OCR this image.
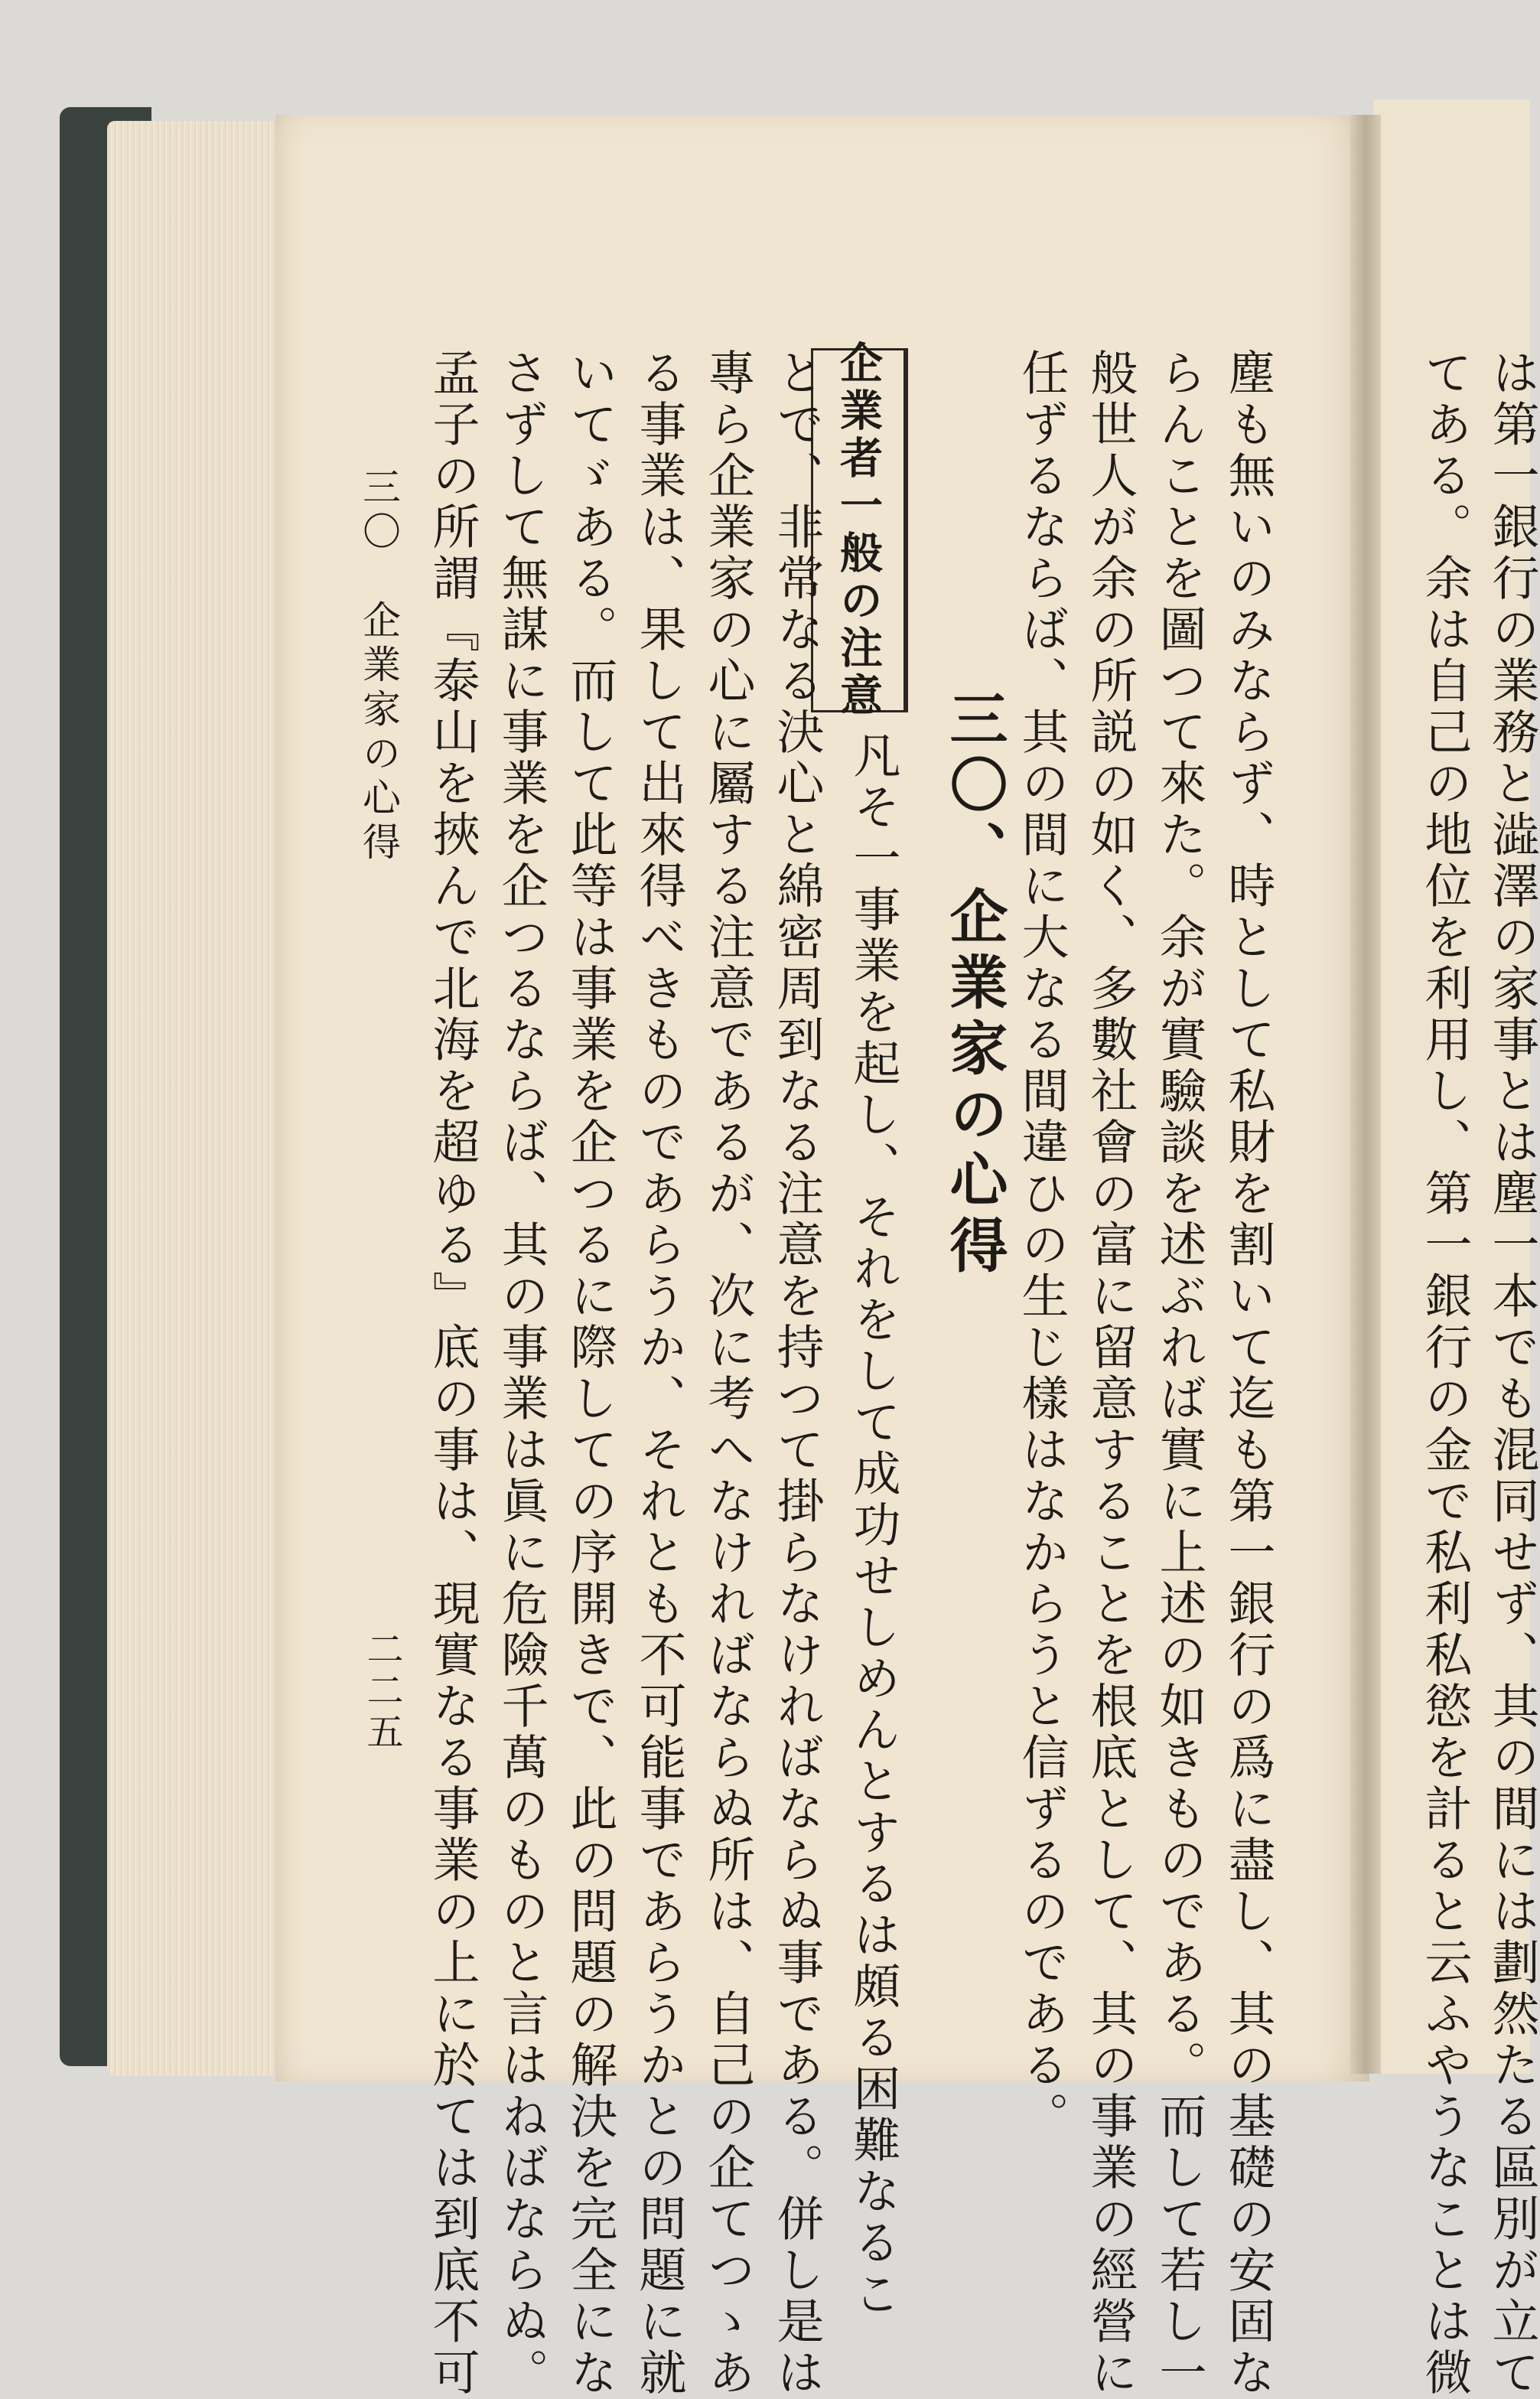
は第一銀行の業務と澁澤の家事とは塵一本でも混同せず、其の間には劃然たる區別が立て
てある。余は自己の地位を利用し、第一銀行の金で私利私慾を計ると云ふやうなことは微
塵も無いのみならず、時として私財を割いて迄も第一銀行の爲に盡し、其の基礎の安固な
らんことを圖つて來た。余が實驗談を述ぶれば實に上述の如きものである。而して若し一
般世人が余の所説の如く、多數社會の富に留意することを根底として、其の事業の經營に
任ずるならば、其の間に大なる間違ひの生じ樣はなからうと信ずるのである。
三〇、企業家の心得
企業者一般の注意
凡そ一事業を起し、それをして成功せしめんとするは頗る困難なるこ
とで、非常なる決心と綿密周到なる注意を持つて掛らなければならぬ事である。併し是は
專ら企業家の心に屬する注意であるが、次に考へなければならぬ所は、自己の企てつゝあ
る事業は、果して出來得べきものであらうか、それとも不可能事であらうかとの問題に就
いてゞある。而して此等は事業を企つるに際しての序開きで、此の問題の解決を完全にな
さずして無謀に事業を企つるならば、其の事業は眞に危險千萬のものと言はねばならぬ。
孟子の所謂『泰山を挾んで北海を超ゆる』底の事は、現實なる事業の上に於ては到底不可
三〇　企業家の心得
二二五
